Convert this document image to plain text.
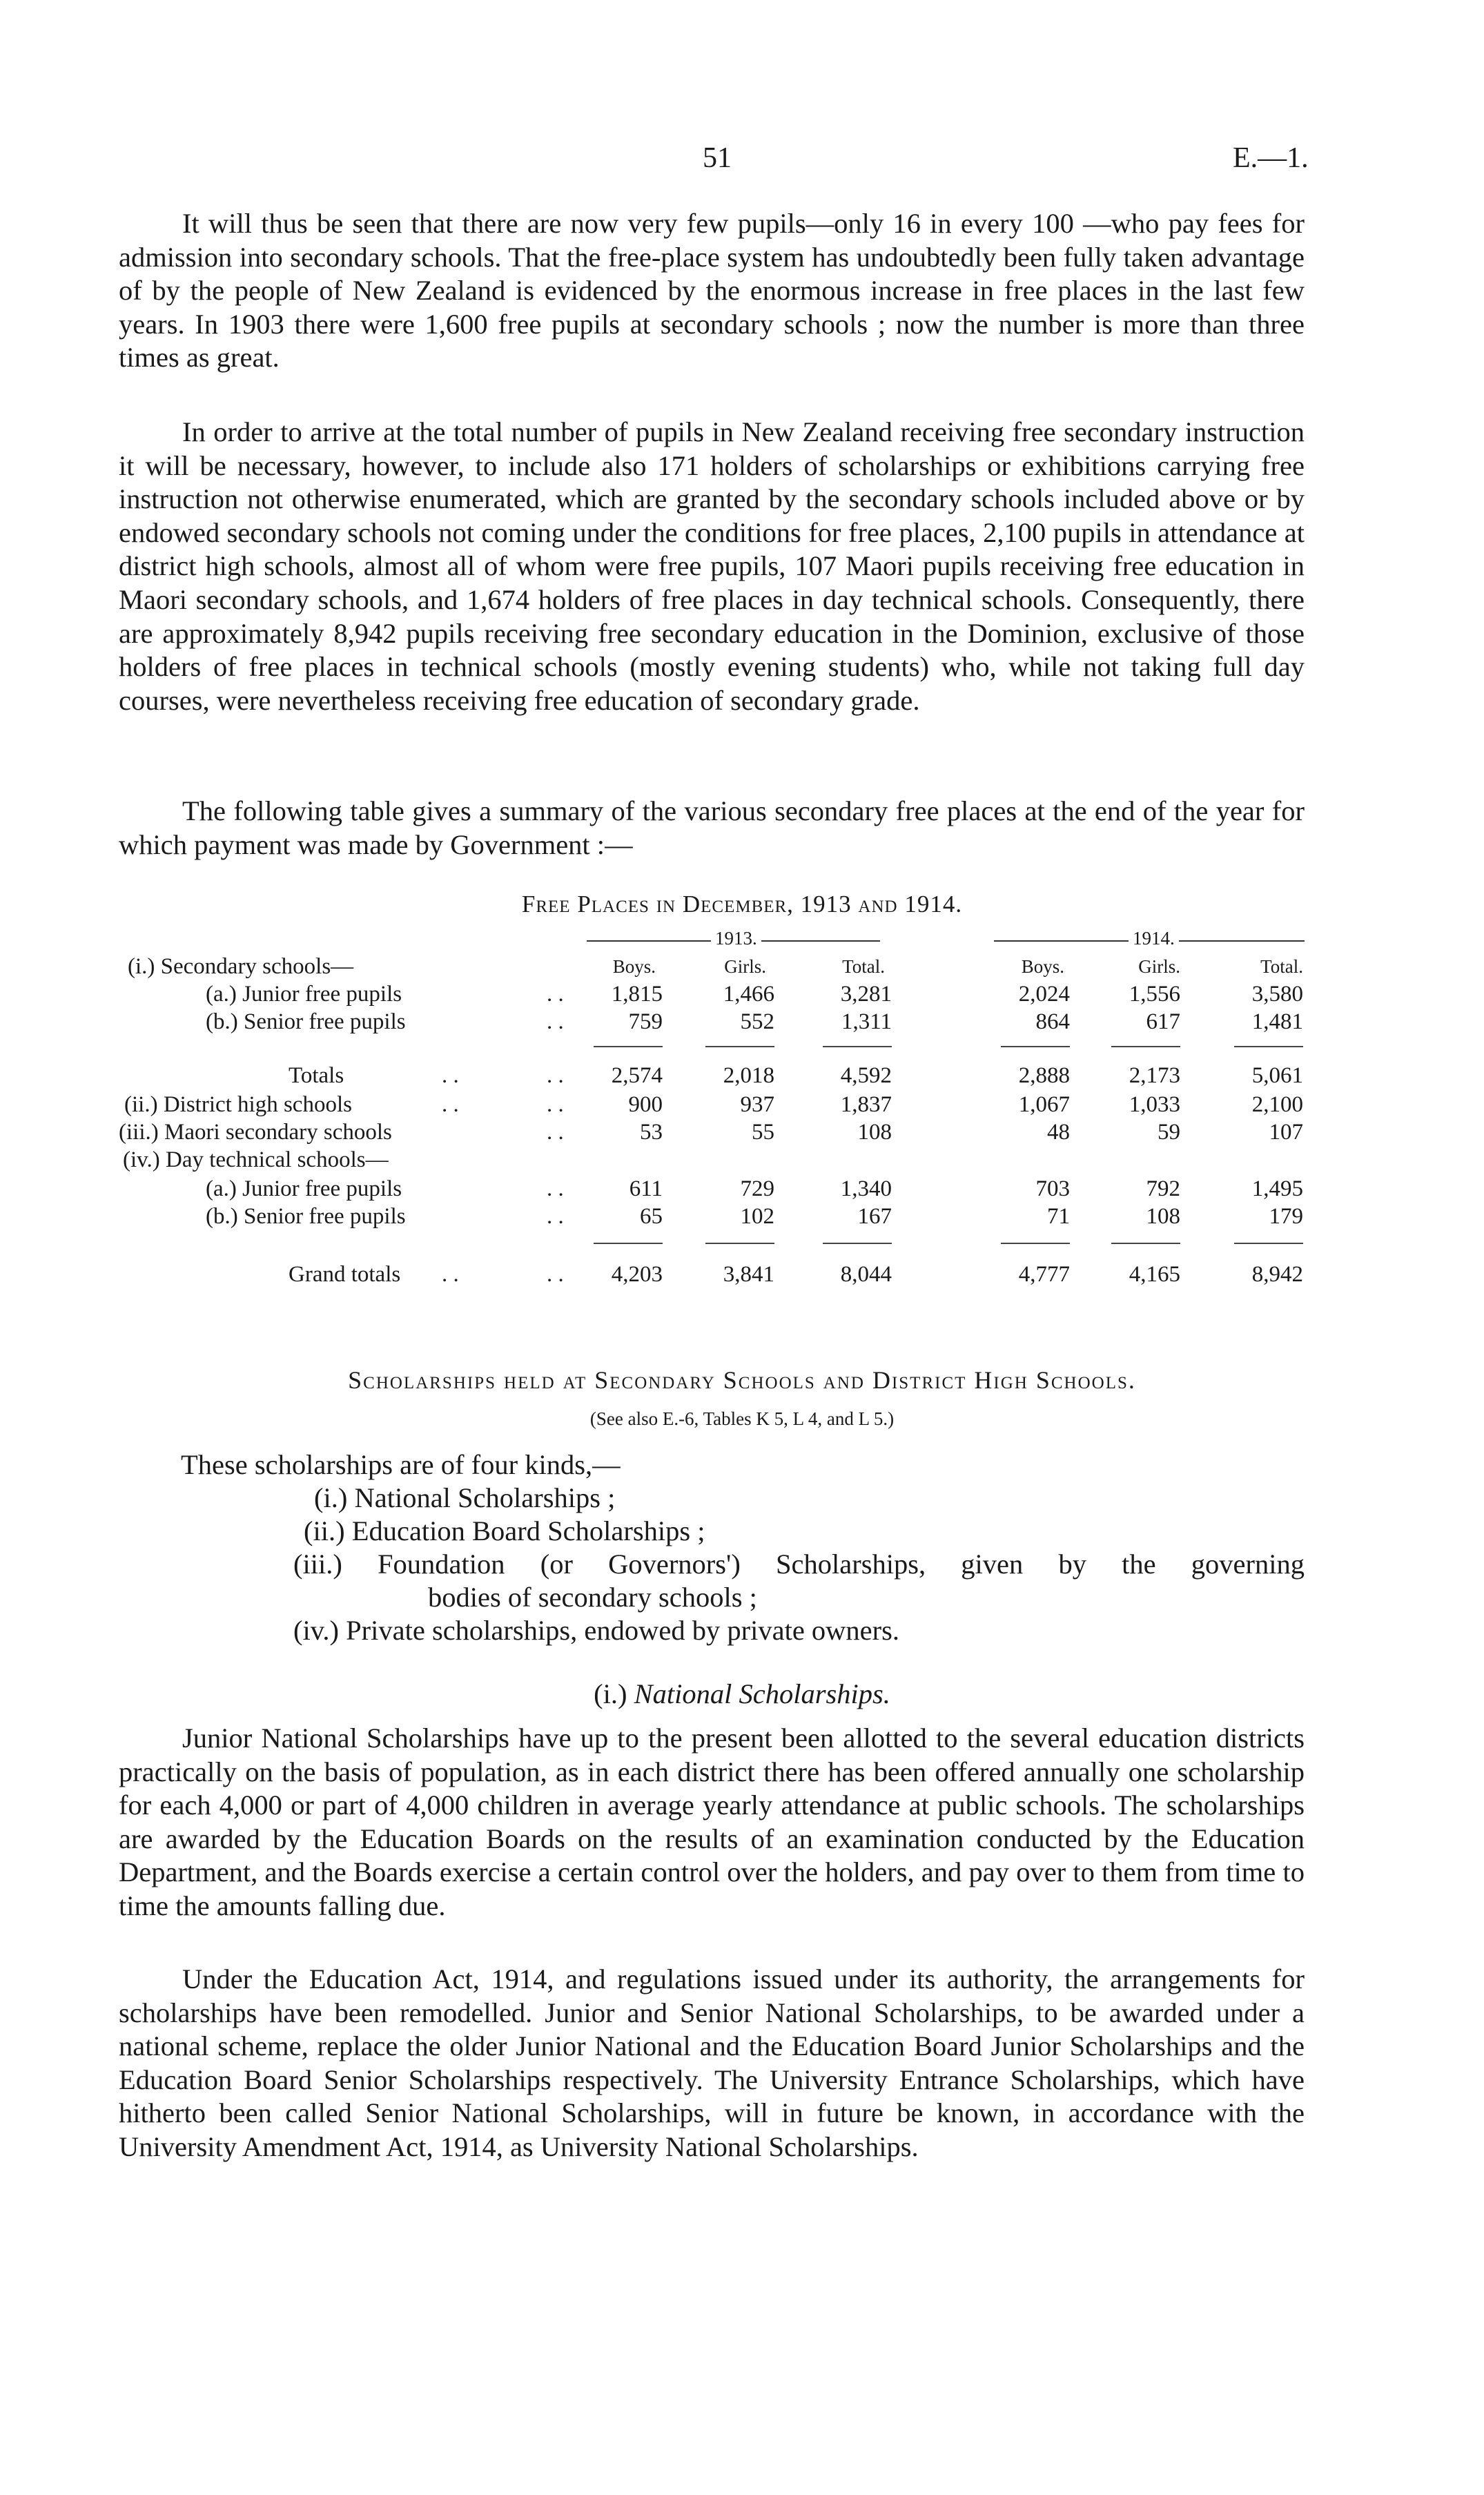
51	E.—1.

It will thus be seen that there are now very few pupils—only 16 in every 100 —who pay fees for admission into secondary schools. That the free-place system has undoubtedly been fully taken advantage of by the people of New Zealand is evidenced by the enormous increase in free places in the last few years. In 1903 there were 1,600 free pupils at secondary schools ; now the number is more than three times as great.

In order to arrive at the total number of pupils in New Zealand receiving free secondary instruction it will be necessary, however, to include also 171 holders of scholarships or exhibitions carrying free instruction not otherwise enumerated, which are granted by the secondary schools included above or by endowed secondary schools not coming under the conditions for free places, 2,100 pupils in attendance at district high schools, almost all of whom were free pupils, 107 Maori pupils receiving free education in Maori secondary schools, and 1,674 holders of free places in day technical schools. Consequently, there are approximately 8,942 pupils receiving free secondary education in the Dominion, exclusive of those holders of free places in technical schools (mostly evening students) who, while not taking full day courses, were nevertheless receiving free education of secondary grade.

The following table gives a summary of the various secondary free places at the end of the year for which payment was made by Government :—

Free Places in December, 1913 and 1914.
1913.	1914.
Boys.	Girls.	Total.	Boys.	Girls.	Total.
(i.) Secondary schools—
(a.) Junior free pupils	. .	1,815	1,466	3,281	2,024	1,556	3,580
(b.) Senior free pupils	. .	759	552	1,311	864	617	1,481
Totals	. .	. .	2,574	2,018	4,592	2,888	2,173	5,061
(ii.) District high schools	. .	. .	900	937	1,837	1,067	1,033	2,100
(iii.) Maori secondary schools	. .	53	55	108	48	59	107
(iv.) Day technical schools—
(a.) Junior free pupils	. .	611	729	1,340	703	792	1,495
(b.) Senior free pupils	. .	65	102	167	71	108	179
Grand totals . .	. .	4,203	3,841	8,044	4,777	4,165	8,942
Scholarships held at Secondary Schools and District High Schools.
(See also E.-6, Tables K 5, L 4, and L 5.)
These scholarships are of four kinds,—
(i.) National Scholarships ;
(ii.) Education Board Scholarships ;
(iii.) Foundation (or Governors') Scholarships, given by the governing
bodies of secondary schools ;
(iv.) Private scholarships, endowed by private owners.
(i.) National Scholarships.

Junior National Scholarships have up to the present been allotted to the several education districts practically on the basis of population, as in each district there has been offered annually one scholarship for each 4,000 or part of 4,000 children in average yearly attendance at public schools. The scholarships are awarded by the Education Boards on the results of an examination conducted by the Education Department, and the Boards exercise a certain control over the holders, and pay over to them from time to time the amounts falling due.

Under the Education Act, 1914, and regulations issued under its authority, the arrangements for scholarships have been remodelled. Junior and Senior National Scholarships, to be awarded under a national scheme, replace the older Junior National and the Education Board Junior Scholarships and the Education Board Senior Scholarships respectively. The University Entrance Scholarships, which have hitherto been called Senior National Scholarships, will in future be known, in accordance with the University Amendment Act, 1914, as University National Scholarships.
